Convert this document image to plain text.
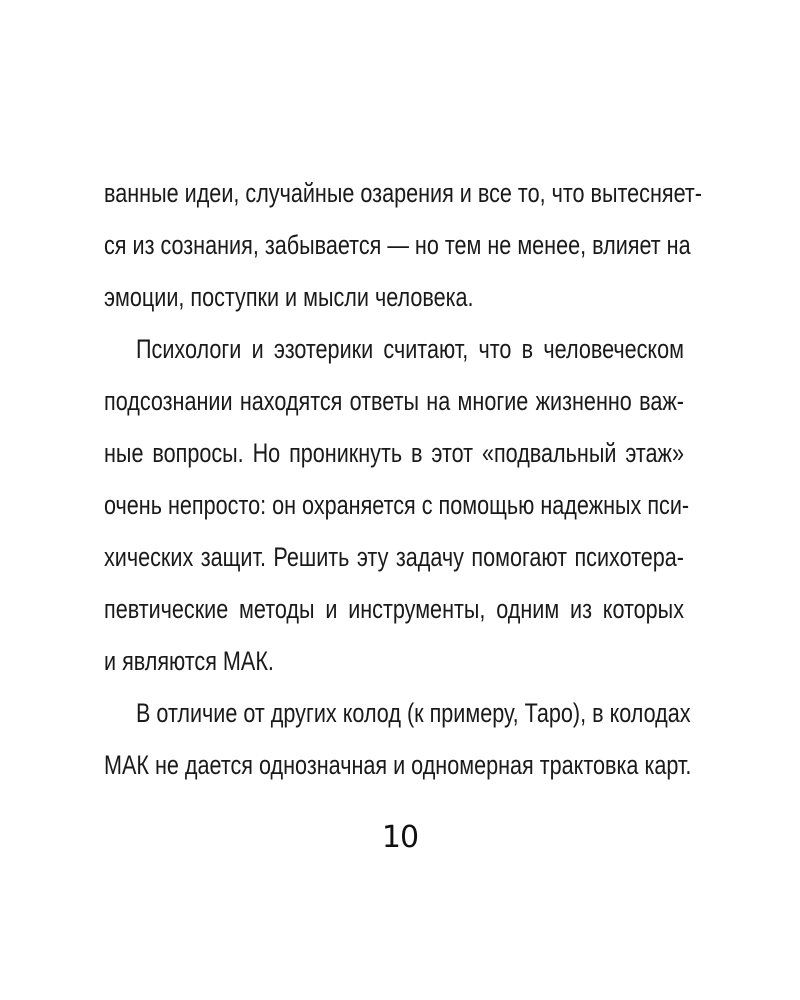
ванные идеи, случайные озарения и все то, что вытесняет-
ся из сознания, забывается — но тем не менее, влияет на
эмоции, поступки и мысли человека.
Психологи и эзотерики считают, что в человеческом
подсознании находятся ответы на многие жизненно важ-
ные вопросы. Но проникнуть в этот «подвальный этаж»
очень непросто: он охраняется с помощью надежных пси-
хических защит. Решить эту задачу помогают психотера-
певтические методы и инструменты, одним из которых
и являются МАК.
В отличие от других колод (к примеру, Таро), в колодах
МАК не дается однозначная и одномерная трактовка карт.
10
